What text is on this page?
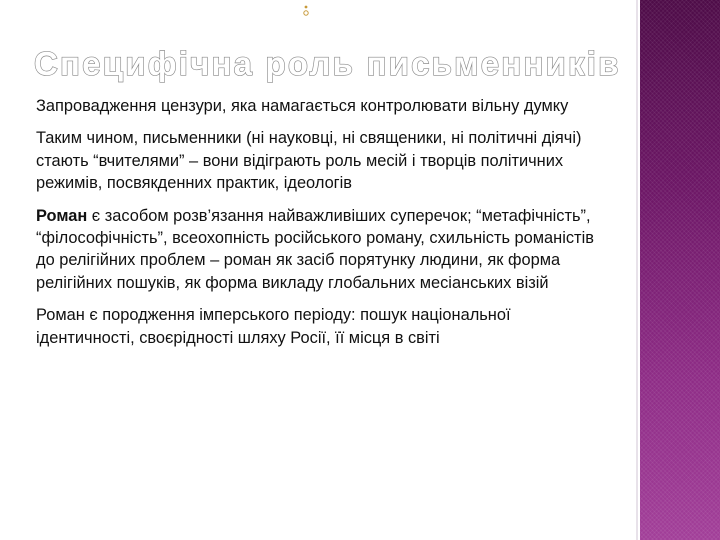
Специфічна роль письменників

Запровадження цензури, яка намагається контролювати вільну думку

Таким чином, письменники (ні науковці, ні священики, ні політичні діячі) стають “вчителями” – вони відіграють роль месій і творців політичних режимів, посвякденних практик, ідеологів

Роман є засобом розв’язання найважливіших суперечок; “метафічність”, “філософічність”, всеохопність російського роману, схильність романістів до релігійних проблем – роман як засіб порятунку людини, як форма релігійних пошуків, як форма викладу глобальних месіанських візій

Роман є породження імперського періоду: пошук національної ідентичності, своєрідності шляху Росії, її місця в світі
